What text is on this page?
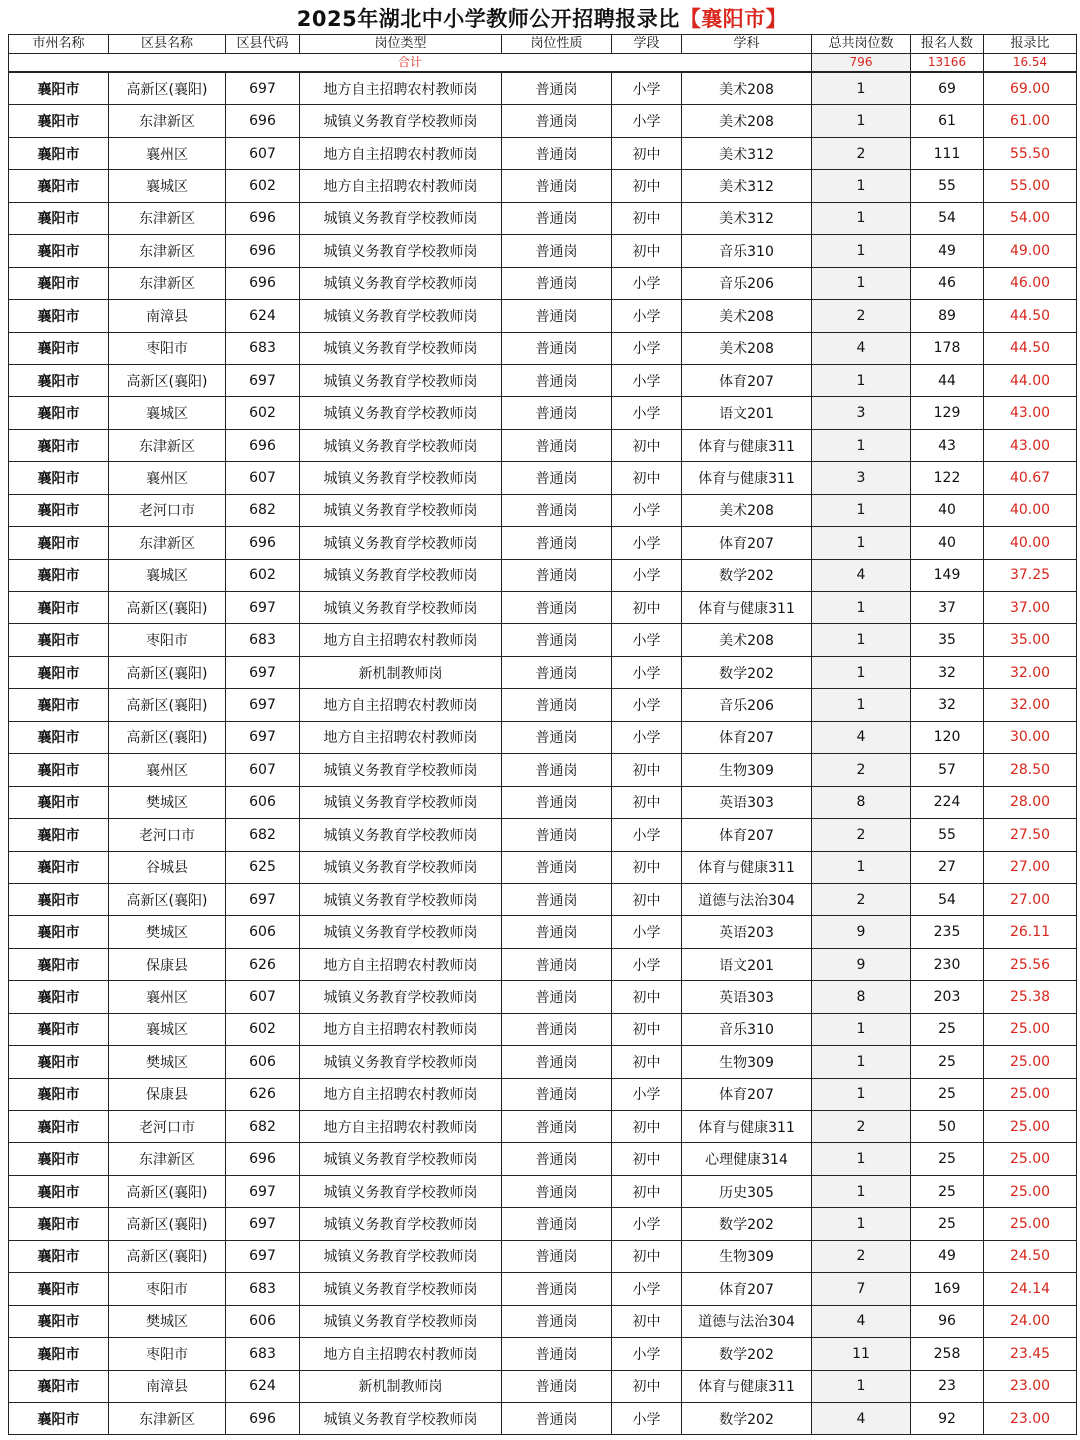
2025年湖北中小学教师公开招聘报录比【襄阳市】
市州名称	区县名称	区县代码	岗位类型	岗位性质	学段	学科	总共岗位数	报名人数	报录比
合计							796	13166	16.54
襄阳市	高新区(襄阳)	697	地方自主招聘农村教师岗	普通岗	小学	美术208	1	69	69.00
襄阳市	东津新区	696	城镇义务教育学校教师岗	普通岗	小学	美术208	1	61	61.00
襄阳市	襄州区	607	地方自主招聘农村教师岗	普通岗	初中	美术312	2	111	55.50
襄阳市	襄城区	602	地方自主招聘农村教师岗	普通岗	初中	美术312	1	55	55.00
襄阳市	东津新区	696	城镇义务教育学校教师岗	普通岗	初中	美术312	1	54	54.00
襄阳市	东津新区	696	城镇义务教育学校教师岗	普通岗	初中	音乐310	1	49	49.00
襄阳市	东津新区	696	城镇义务教育学校教师岗	普通岗	小学	音乐206	1	46	46.00
襄阳市	南漳县	624	城镇义务教育学校教师岗	普通岗	小学	美术208	2	89	44.50
襄阳市	枣阳市	683	城镇义务教育学校教师岗	普通岗	小学	美术208	4	178	44.50
襄阳市	高新区(襄阳)	697	城镇义务教育学校教师岗	普通岗	小学	体育207	1	44	44.00
襄阳市	襄城区	602	城镇义务教育学校教师岗	普通岗	小学	语文201	3	129	43.00
襄阳市	东津新区	696	城镇义务教育学校教师岗	普通岗	初中	体育与健康311	1	43	43.00
襄阳市	襄州区	607	城镇义务教育学校教师岗	普通岗	初中	体育与健康311	3	122	40.67
襄阳市	老河口市	682	城镇义务教育学校教师岗	普通岗	小学	美术208	1	40	40.00
襄阳市	东津新区	696	城镇义务教育学校教师岗	普通岗	小学	体育207	1	40	40.00
襄阳市	襄城区	602	城镇义务教育学校教师岗	普通岗	小学	数学202	4	149	37.25
襄阳市	高新区(襄阳)	697	城镇义务教育学校教师岗	普通岗	初中	体育与健康311	1	37	37.00
襄阳市	枣阳市	683	地方自主招聘农村教师岗	普通岗	小学	美术208	1	35	35.00
襄阳市	高新区(襄阳)	697	新机制教师岗	普通岗	小学	数学202	1	32	32.00
襄阳市	高新区(襄阳)	697	地方自主招聘农村教师岗	普通岗	小学	音乐206	1	32	32.00
襄阳市	高新区(襄阳)	697	地方自主招聘农村教师岗	普通岗	小学	体育207	4	120	30.00
襄阳市	襄州区	607	城镇义务教育学校教师岗	普通岗	初中	生物309	2	57	28.50
襄阳市	樊城区	606	城镇义务教育学校教师岗	普通岗	初中	英语303	8	224	28.00
襄阳市	老河口市	682	城镇义务教育学校教师岗	普通岗	小学	体育207	2	55	27.50
襄阳市	谷城县	625	城镇义务教育学校教师岗	普通岗	初中	体育与健康311	1	27	27.00
襄阳市	高新区(襄阳)	697	城镇义务教育学校教师岗	普通岗	初中	道德与法治304	2	54	27.00
襄阳市	樊城区	606	城镇义务教育学校教师岗	普通岗	小学	英语203	9	235	26.11
襄阳市	保康县	626	地方自主招聘农村教师岗	普通岗	小学	语文201	9	230	25.56
襄阳市	襄州区	607	城镇义务教育学校教师岗	普通岗	初中	英语303	8	203	25.38
襄阳市	襄城区	602	地方自主招聘农村教师岗	普通岗	初中	音乐310	1	25	25.00
襄阳市	樊城区	606	城镇义务教育学校教师岗	普通岗	初中	生物309	1	25	25.00
襄阳市	保康县	626	地方自主招聘农村教师岗	普通岗	小学	体育207	1	25	25.00
襄阳市	老河口市	682	地方自主招聘农村教师岗	普通岗	初中	体育与健康311	2	50	25.00
襄阳市	东津新区	696	城镇义务教育学校教师岗	普通岗	初中	心理健康314	1	25	25.00
襄阳市	高新区(襄阳)	697	城镇义务教育学校教师岗	普通岗	初中	历史305	1	25	25.00
襄阳市	高新区(襄阳)	697	城镇义务教育学校教师岗	普通岗	小学	数学202	1	25	25.00
襄阳市	高新区(襄阳)	697	城镇义务教育学校教师岗	普通岗	初中	生物309	2	49	24.50
襄阳市	枣阳市	683	城镇义务教育学校教师岗	普通岗	小学	体育207	7	169	24.14
襄阳市	樊城区	606	城镇义务教育学校教师岗	普通岗	初中	道德与法治304	4	96	24.00
襄阳市	枣阳市	683	地方自主招聘农村教师岗	普通岗	小学	数学202	11	258	23.45
襄阳市	南漳县	624	新机制教师岗	普通岗	初中	体育与健康311	1	23	23.00
襄阳市	东津新区	696	城镇义务教育学校教师岗	普通岗	小学	数学202	4	92	23.00
